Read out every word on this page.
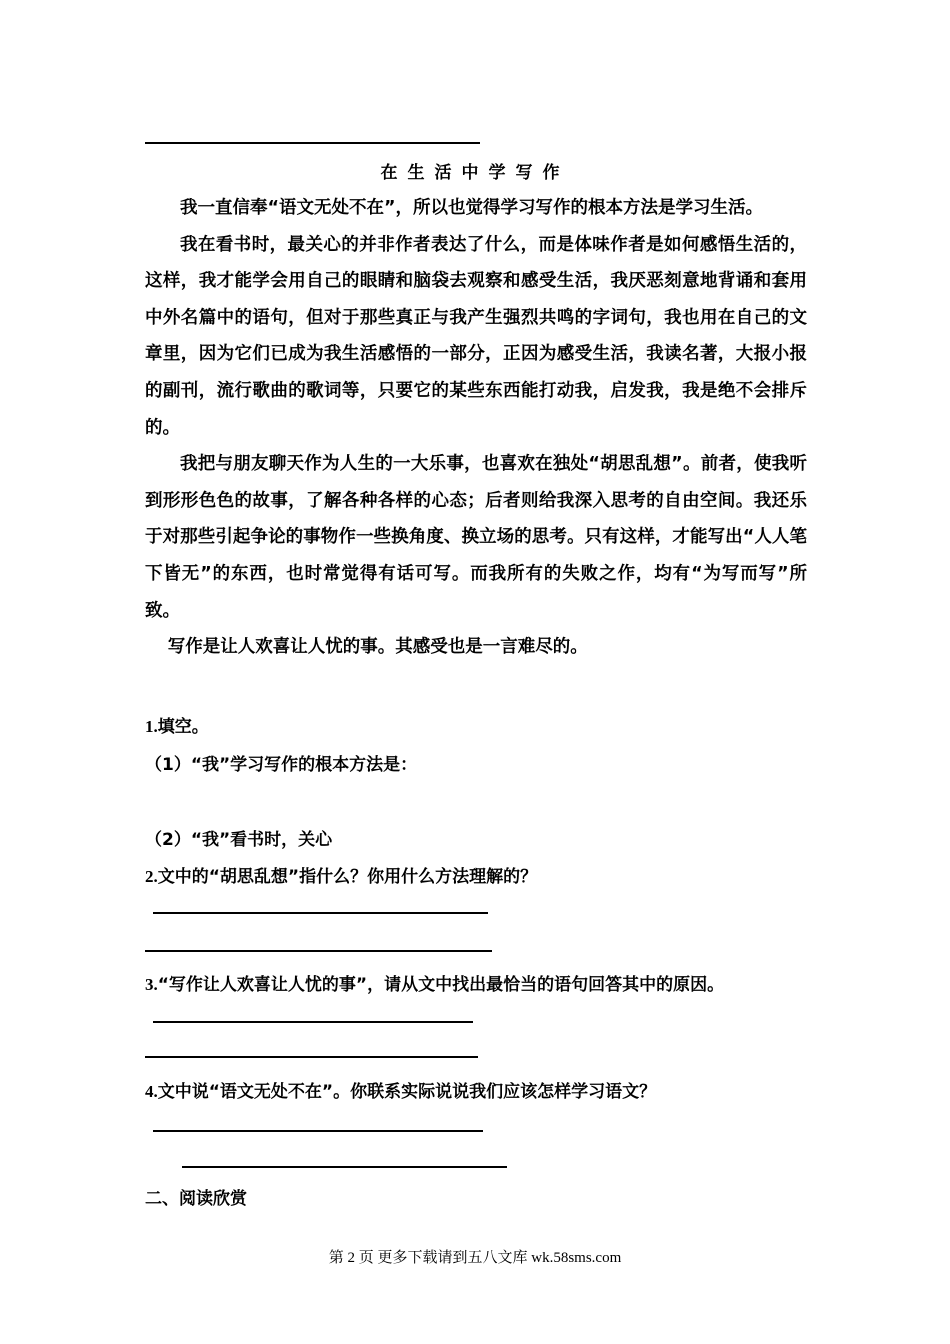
在生活中学写作

我一直信奉“语文无处不在”，所以也觉得学习写作的根本方法是学习生活。

我在看书时，最关心的并非作者表达了什么，而是体味作者是如何感悟生活的，这样，我才能学会用自己的眼睛和脑袋去观察和感受生活，我厌恶刻意地背诵和套用中外名篇中的语句，但对于那些真正与我产生强烈共鸣的字词句，我也用在自己的文章里，因为它们已成为我生活感悟的一部分，正因为感受生活，我读名著，大报小报的副刊，流行歌曲的歌词等，只要它的某些东西能打动我，启发我，我是绝不会排斥的。

我把与朋友聊天作为人生的一大乐事，也喜欢在独处“胡思乱想”。前者，使我听到形形色色的故事，了解各种各样的心态；后者则给我深入思考的自由空间。我还乐于对那些引起争论的事物作一些换角度、换立场的思考。只有这样，才能写出“人人笔下皆无”的东西，也时常觉得有话可写。而我所有的失败之作，均有“为写而写”所致。

写作是让人欢喜让人忧的事。其感受也是一言难尽的。

1.填空。
（1）“我”学习写作的根本方法是：
（2）“我”看书时，关心
2.文中的“胡思乱想”指什么？你用什么方法理解的？
3.“写作让人欢喜让人忧的事”，请从文中找出最恰当的语句回答其中的原因。
4.文中说“语文无处不在”。你联系实际说说我们应该怎样学习语文？
二、阅读欣赏
第 2 页 更多下载请到五八文库 wk.58sms.com
